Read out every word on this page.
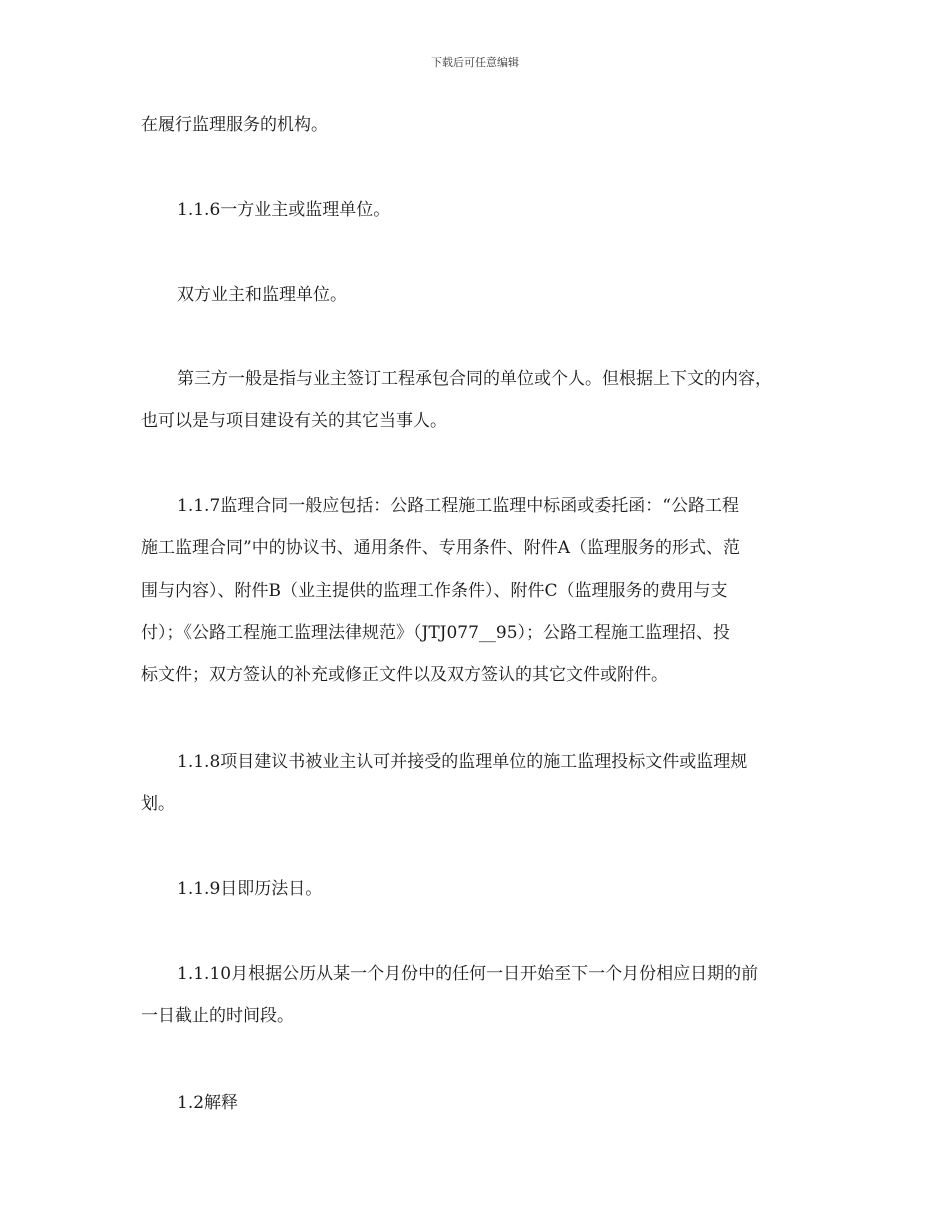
下载后可任意编辑
在履行监理服务的机构。
1.1.6一方业主或监理单位。
双方业主和监理单位。
第三方一般是指与业主签订工程承包合同的单位或个人。但根据上下文的内容，
也可以是与项目建设有关的其它当事人。
1.1.7监理合同一般应包括：公路工程施工监理中标函或委托函：“公路工程
施工监理合同”中的协议书、通用条件、专用条件、附件A（监理服务的形式、范
围与内容）、附件B（业主提供的监理工作条件）、附件C（监理服务的费用与支
付）；《公路工程施工监理法律规范》（JTJ077__95）；公路工程施工监理招、投
标文件；双方签认的补充或修正文件以及双方签认的其它文件或附件。
1.1.8项目建议书被业主认可并接受的监理单位的施工监理投标文件或监理规
划。
1.1.9日即历法日。
1.1.10月根据公历从某一个月份中的任何一日开始至下一个月份相应日期的前
一日截止的时间段。
1.2解释
